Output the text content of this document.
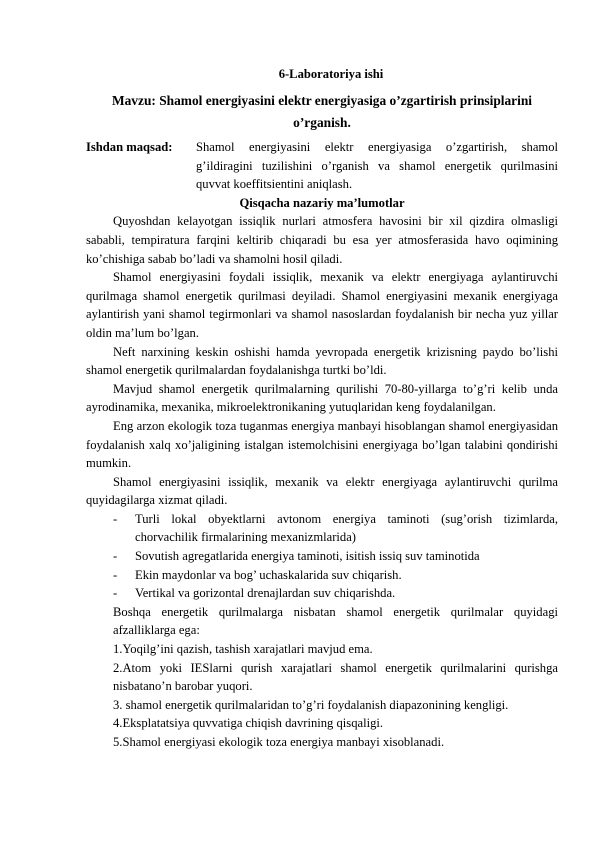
6-Laboratoriya ishi

Mavzu: Shamol energiyasini elektr energiyasiga o’zgartirish prinsiplarini o’rganish.

Ishdan maqsad: Shamol energiyasini elektr energiyasiga o’zgartirish, shamol g’ildiragini tuzilishini o’rganish va shamol energetik qurilmasini quvvat koeffitsientini aniqlash.

Qisqacha nazariy ma’lumotlar

Quyoshdan kelayotgan issiqlik nurlari atmosfera havosini bir xil qizdira olmasligi sababli, tempiratura farqini keltirib chiqaradi bu esa yer atmosferasida havo oqimining ko’chishiga sabab bo’ladi va shamolni hosil qiladi.

Shamol energiyasini foydali issiqlik, mexanik va elektr energiyaga aylantiruvchi qurilmaga shamol energetik qurilmasi deyiladi. Shamol energiyasini mexanik energiyaga aylantirish yani shamol tegirmonlari va shamol nasoslardan foydalanish bir necha yuz yillar oldin ma’lum bo’lgan.

Neft narxining keskin oshishi hamda yevropada energetik krizisning paydo bo’lishi shamol energetik qurilmalardan foydalanishga turtki bo’ldi.

Mavjud shamol energetik qurilmalarning qurilishi 70-80-yillarga to’g’ri kelib unda ayrodinamika, mexanika, mikroelektronikaning yutuqlaridan keng foydalanilgan.

Eng arzon ekologik toza tuganmas energiya manbayi hisoblangan shamol energiyasidan foydalanish xalq xo’jaligining istalgan istemolchisini energiyaga bo’lgan talabini qondirishi mumkin.

Shamol energiyasini issiqlik, mexanik va elektr energiyaga aylantiruvchi qurilma quyidagilarga xizmat qiladi.

- Turli lokal obyektlarni avtonom energiya taminoti (sug’orish tizimlarda, chorvachilik firmalarining mexanizmlarida)
- Sovutish agregatlarida energiya taminoti, isitish issiq suv taminotida
- Ekin maydonlar va bog’ uchaskalarida suv chiqarish.
- Vertikal va gorizontal drenajlardan suv chiqarishda.

Boshqa energetik qurilmalarga nisbatan shamol energetik qurilmalar quyidagi afzalliklarga ega:

1.Yoqilg’ini qazish, tashish xarajatlari mavjud ema.

2.Atom yoki IESlarni qurish xarajatlari shamol energetik qurilmalarini qurishga nisbatano’n barobar yuqori.

3. shamol energetik qurilmalaridan to’g’ri foydalanish diapazonining kengligi.

4.Eksplatatsiya quvvatiga chiqish davrining qisqaligi.

5.Shamol energiyasi ekologik toza energiya manbayi xisoblanadi.
